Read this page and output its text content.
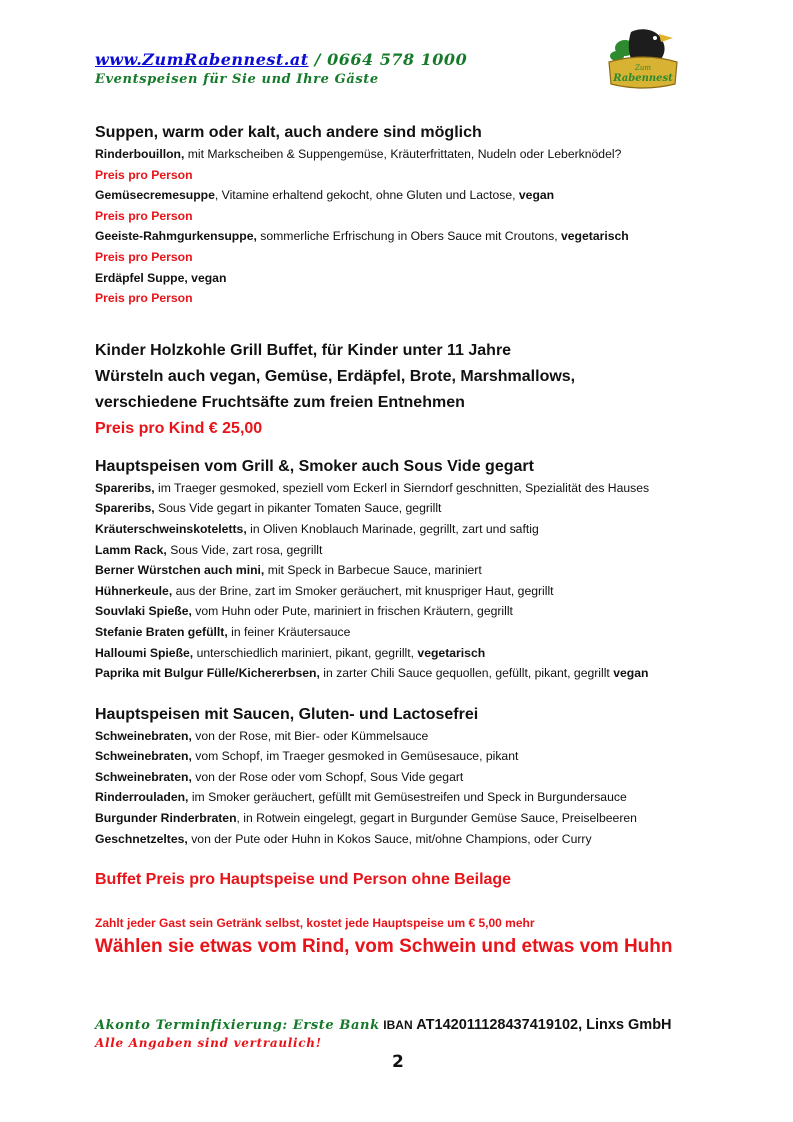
www.ZumRabennest.at / 0664 578 1000
Eventspeisen für Sie und Ihre Gäste
Zum
Rabennest
Suppen, warm oder kalt, auch andere sind möglich
Rinderbouillon, mit Markscheiben & Suppengemüse, Kräuterfrittaten, Nudeln oder Leberknödel?
Preis pro Person
Gemüsecremesuppe, Vitamine erhaltend gekocht, ohne Gluten und Lactose, vegan
Preis pro Person
Geeiste-Rahmgurkensuppe, sommerliche Erfrischung in Obers Sauce mit Croutons, vegetarisch
Preis pro Person
Erdäpfel Suppe, vegan
Preis pro Person
Kinder Holzkohle Grill Buffet, für Kinder unter 11 Jahre
Würsteln auch vegan, Gemüse, Erdäpfel, Brote, Marshmallows,
verschiedene Fruchtsäfte zum freien Entnehmen
Preis pro Kind € 25,00
Hauptspeisen vom Grill &, Smoker auch Sous Vide gegart
Spareribs, im Traeger gesmoked, speziell vom Eckerl in Sierndorf geschnitten, Spezialität des Hauses
Spareribs, Sous Vide gegart in pikanter Tomaten Sauce, gegrillt
Kräuterschweinskoteletts, in Oliven Knoblauch Marinade, gegrillt, zart und saftig
Lamm Rack, Sous Vide, zart rosa, gegrillt
Berner Würstchen auch mini, mit Speck in Barbecue Sauce, mariniert
Hühnerkeule, aus der Brine, zart im Smoker geräuchert, mit knuspriger Haut, gegrillt
Souvlaki Spieße, vom Huhn oder Pute, mariniert in frischen Kräutern, gegrillt
Stefanie Braten gefüllt, in feiner Kräutersauce
Halloumi Spieße, unterschiedlich mariniert, pikant, gegrillt, vegetarisch
Paprika mit Bulgur Fülle/Kichererbsen, in zarter Chili Sauce gequollen, gefüllt, pikant, gegrillt vegan
Hauptspeisen mit Saucen, Gluten- und Lactosefrei
Schweinebraten, von der Rose, mit Bier- oder Kümmelsauce
Schweinebraten, vom Schopf, im Traeger gesmoked in Gemüsesauce, pikant
Schweinebraten, von der Rose oder vom Schopf, Sous Vide gegart
Rinderrouladen, im Smoker geräuchert, gefüllt mit Gemüsestreifen und Speck in Burgundersauce
Burgunder Rinderbraten, in Rotwein eingelegt, gegart in Burgunder Gemüse Sauce, Preiselbeeren
Geschnetzeltes, von der Pute oder Huhn in Kokos Sauce, mit/ohne Champions, oder Curry
Buffet Preis pro Hauptspeise und Person ohne Beilage
Zahlt jeder Gast sein Getränk selbst, kostet jede Hauptspeise um € 5,00 mehr
Wählen sie etwas vom Rind, vom Schwein und etwas vom Huhn
Akonto Terminfixierung: Erste Bank IBAN AT142011128437419102, Linxs GmbH
Alle Angaben sind vertraulich!
2
